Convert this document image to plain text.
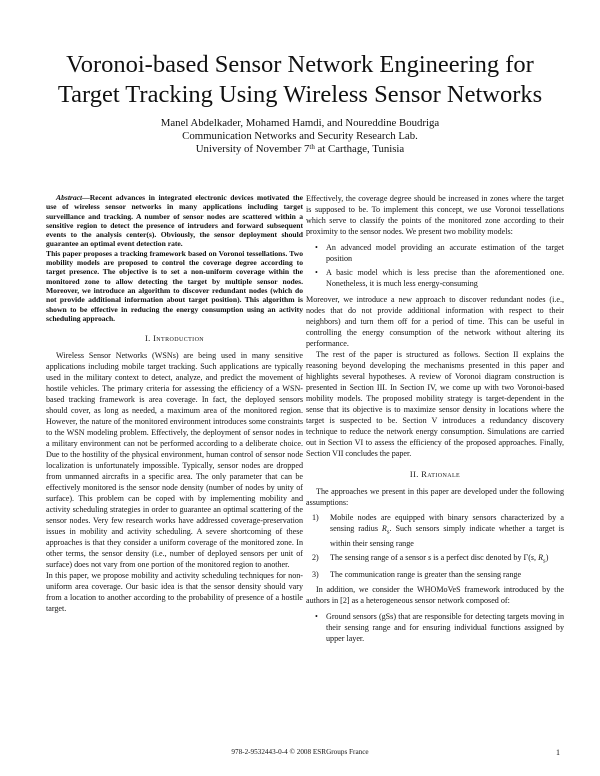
Voronoi-based Sensor Network Engineering for
Target Tracking Using Wireless Sensor Networks
Manel Abdelkader, Mohamed Hamdi, and Noureddine Boudriga
Communication Networks and Security Research Lab.
University of November 7th at Carthage, Tunisia

Abstract—Recent advances in integrated electronic devices motivated the use of wireless sensor networks in many applications including target surveillance and tracking. A number of sensor nodes are scattered within a sensitive region to detect the presence of intruders and forward subsequent events to the analysis center(s). Obviously, the sensor deployment should guarantee an optimal event detection rate.

This paper proposes a tracking framework based on Voronoi tessellations. Two mobility models are proposed to control the coverage degree according to target presence. The objective is to set a non-uniform coverage within the monitored zone to allow detecting the target by multiple sensor nodes. Moreover, we introduce an algorithm to discover redundant nodes (which do not provide additional information about target position). This algorithm is shown to be effective in reducing the energy consumption using an activity scheduling approach.

I. Introduction

Wireless Sensor Networks (WSNs) are being used in many sensitive applications including mobile target tracking. Such applications are typically used in the military context to detect, analyze, and predict the movement of hostile vehicles. The primary criteria for assessing the efficiency of a WSN-based tracking framework is area coverage. In fact, the deployed sensors should cover, as long as needed, a maximum area of the monitored region. However, the nature of the monitored environment introduces some constraints to the WSN modeling problem. Effectively, the deployment of sensor nodes in a military environment can not be performed according to a deliberate choice. Due to the hostility of the physical environment, human control of sensor node localization is unfortunately impossible. Typically, sensor nodes are dropped from unmanned aircrafts in a specific area. The only parameter that can be effectively monitored is the sensor node density (number of nodes by unity of surface). This problem can be coped with by implementing mobility and activity scheduling strategies in order to guarantee an optimal scattering of the sensor nodes. Very few research works have addressed coverage-preservation issues in mobility and activity scheduling. A severe shortcoming of these approaches is that they consider a uniform coverage of the monitored zone. In other terms, the sensor density (i.e., number of deployed sensors per unit of surface) does not vary from one portion of the monitored region to another.

In this paper, we propose mobility and activity scheduling techniques for non-uniform area coverage. Our basic idea is that the sensor density should vary from a location to another according to the probability of presence of a hostile target.

Effectively, the coverage degree should be increased in zones where the target is supposed to be. To implement this concept, we use Voronoi tessellations which serve to classify the points of the monitored zone according to their proximity to the sensor nodes. We present two mobility models:

• An advanced model providing an accurate estimation of the target position
• A basic model which is less precise than the aforementioned one. Nonetheless, it is much less energy-consuming

Moreover, we introduce a new approach to discover redundant nodes (i.e., nodes that do not provide additional information with respect to their neighbors) and turn them off for a period of time. This can be useful in controlling the energy consumption of the network without altering its performance.

The rest of the paper is structured as follows. Section II explains the reasoning beyond developing the mechanisms presented in this paper and highlights several hypotheses. A review of Voronoi diagram construction is presented in Section III. In Section IV, we come up with two Voronoi-based mobility models. The proposed mobility strategy is target-dependent in the sense that its objective is to maximize sensor density in locations where the target is suspected to be. Section V introduces a redundancy discovery technique to reduce the network energy consumption. Simulations are carried out in Section VI to assess the efficiency of the proposed approaches. Finally, Section VII concludes the paper.

II. Rationale

The approaches we present in this paper are developed under the following assumptions:

1) Mobile nodes are equipped with binary sensors characterized by a sensing radius $R_s$. Such sensors simply indicate whether a target is within their sensing range
2) The sensing range of a sensor s is a perfect disc denoted by Γ(s, $R_s$)
3) The communication range is greater than the sensing range

In addition, we consider the WHOMoVeS framework introduced by the authors in [2] as a heterogeneous sensor network composed of:

• Ground sensors (gSs) that are responsible for detecting targets moving in their sensing range and for ensuring individual functions assigned by upper layer.
978-2-9532443-0-4 © 2008 ESRGroups France	1
